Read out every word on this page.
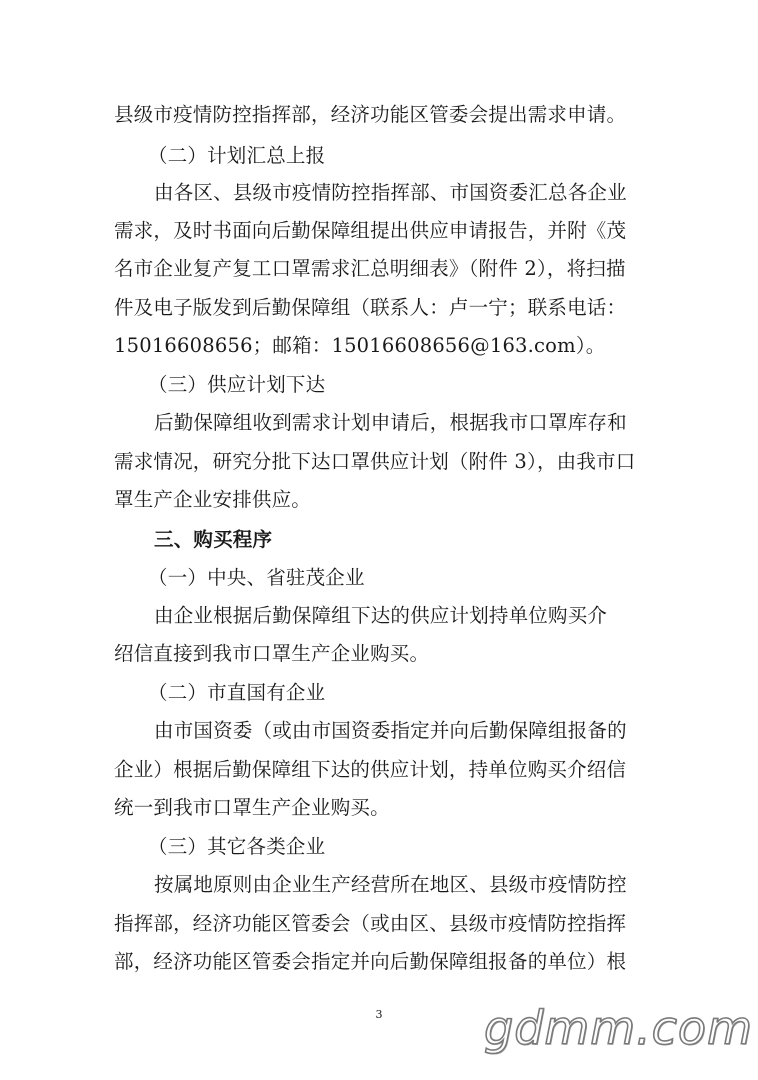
县级市疫情防控指挥部，经济功能区管委会提出需求申请。
（二）计划汇总上报
由各区、县级市疫情防控指挥部、市国资委汇总各企业
需求，及时书面向后勤保障组提出供应申请报告，并附《茂
名市企业复产复工口罩需求汇总明细表》（附件 2），将扫描
件及电子版发到后勤保障组（联系人：卢一宁；联系电话：
15016608656；邮箱：15016608656@163.com）。
（三）供应计划下达
后勤保障组收到需求计划申请后，根据我市口罩库存和
需求情况，研究分批下达口罩供应计划（附件 3），由我市口
罩生产企业安排供应。
三、购买程序
（一）中央、省驻茂企业
由企业根据后勤保障组下达的供应计划持单位购买介
绍信直接到我市口罩生产企业购买。
（二）市直国有企业
由市国资委（或由市国资委指定并向后勤保障组报备的
企业）根据后勤保障组下达的供应计划，持单位购买介绍信
统一到我市口罩生产企业购买。
（三）其它各类企业
按属地原则由企业生产经营所在地区、县级市疫情防控
指挥部，经济功能区管委会（或由区、县级市疫情防控指挥
部，经济功能区管委会指定并向后勤保障组报备的单位）根
3	gdmm.com
